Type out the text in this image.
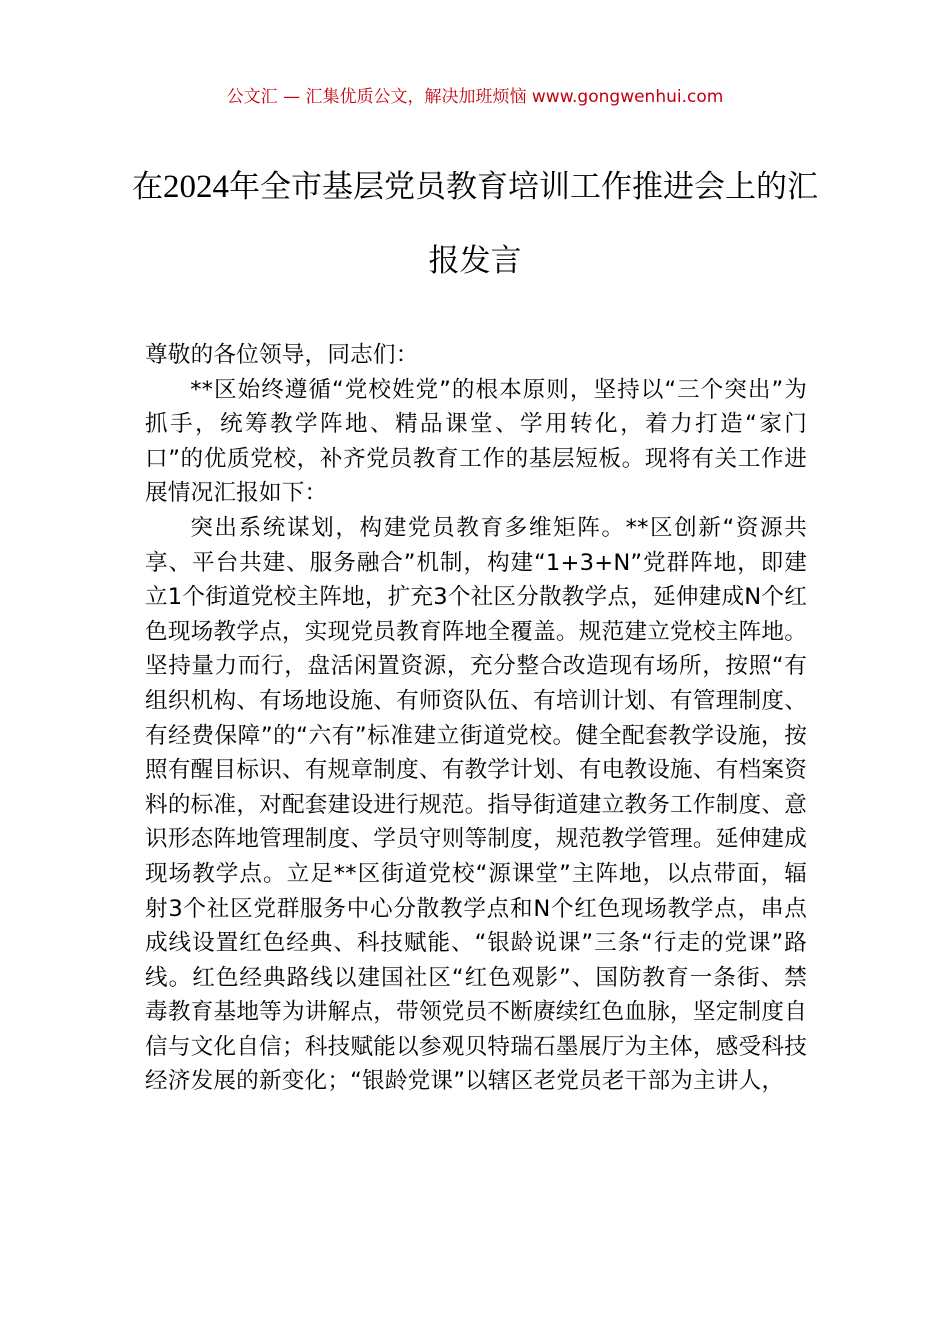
公文汇 — 汇集优质公文，解决加班烦恼 www.gongwenhui.com
在2024年全市基层党员教育培训工作推进会上的汇报发言

尊敬的各位领导，同志们：

**区始终遵循“党校姓党”的根本原则，坚持以“三个突出”为抓手，统筹教学阵地、精品课堂、学用转化，着力打造“家门口”的优质党校，补齐党员教育工作的基层短板。现将有关工作进展情况汇报如下：

突出系统谋划，构建党员教育多维矩阵。**区创新“资源共享、平台共建、服务融合”机制，构建“1+3+N”党群阵地，即建立1个街道党校主阵地，扩充3个社区分散教学点，延伸建成N个红色现场教学点，实现党员教育阵地全覆盖。规范建立党校主阵地。坚持量力而行，盘活闲置资源，充分整合改造现有场所，按照“有组织机构、有场地设施、有师资队伍、有培训计划、有管理制度、有经费保障”的“六有”标准建立街道党校。健全配套教学设施，按照有醒目标识、有规章制度、有教学计划、有电教设施、有档案资料的标准，对配套建设进行规范。指导街道建立教务工作制度、意识形态阵地管理制度、学员守则等制度，规范教学管理。延伸建成现场教学点。立足**区街道党校“源课堂”主阵地，以点带面，辐射3个社区党群服务中心分散教学点和N个红色现场教学点，串点成线设置红色经典、科技赋能、“银龄说课”三条“行走的党课”路线。红色经典路线以建国社区“红色观影”、国防教育一条街、禁毒教育基地等为讲解点，带领党员不断赓续红色血脉，坚定制度自信与文化自信；科技赋能以参观贝特瑞石墨展厅为主体，感受科技经济发展的新变化；“银龄党课”以辖区老党员老干部为主讲人，
